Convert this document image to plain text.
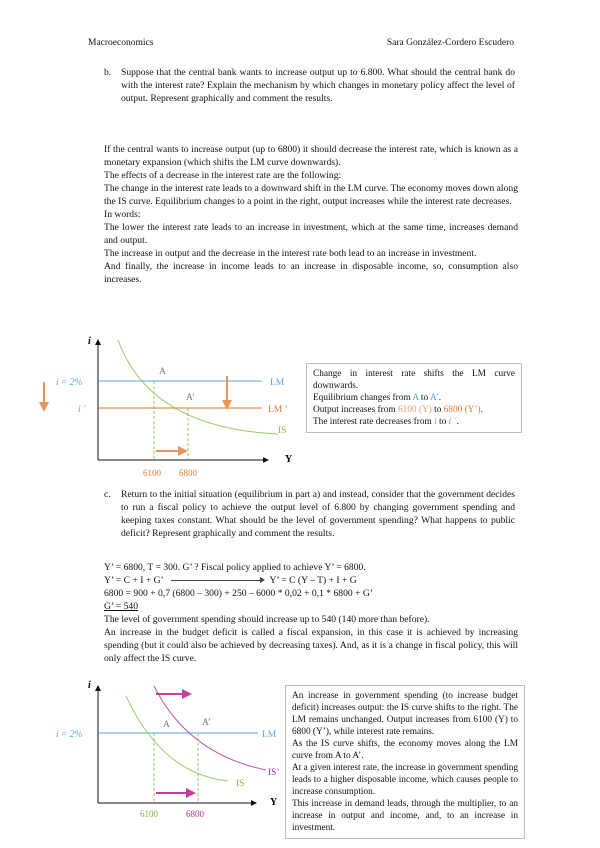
Macroeconomics	Sara González-Cordero Escudero
b. Suppose that the central bank wants to increase output up to 6.800. What should the central bank do with the interest rate? Explain the mechanism by which changes in monetary policy affect the level of output. Represent graphically and comment the results.
If the central wants to increase output (up to 6800) it should decrease the interest rate, which is known as a monetary expansion (which shifts the LM curve downwards).
The effects of a decrease in the interest rate are the following:
The change in the interest rate leads to a downward shift in the LM curve. The economy moves down along the IS curve. Equilibrium changes to a point in the right, output increases while the interest rate decreases.
In words:
The lower the interest rate leads to an increase in investment, which at the same time, increases demand and output.
The increase in output and the decrease in the interest rate both lead to an increase in investment.
And finally, the increase in income leads to an increase in disposable income, so, consumption also increases.
i
Y
i = 2%
i ´
LM
LM ’
IS
A
A’
6100 6800
Change in interest rate shifts the LM curve downwards.
Equilibrium changes from A to A’.
Output increases from 6100 (Y) to 6800 (Y’).
The interest rate decreases from i to i ´.
c. Return to the initial situation (equilibrium in part a) and instead, consider that the government decides to run a fiscal policy to achieve the output level of 6.800 by changing government spending and keeping taxes constant. What should be the level of government spending? What happens to public deficit? Represent graphically and comment the results.
Y’ = 6800, T = 300. G’ ? Fiscal policy applied to achieve Y’ = 6800.
Y’ = C + I + G’	Y’ = C (Y – T) + I + G
6800 = 900 + 0,7 (6800 – 300) + 250 – 6000 * 0,02 + 0,1 * 6800 + G’
G’ = 540
The level of government spending should increase up to 540 (140 more than before).
An increase in the budget deficit is called a fiscal expansion, in this case it is achieved by increasing spending (but it could also be achieved by decreasing taxes). And, as it is a change in fiscal policy, this will only affect the IS curve.
i
Y
i = 2%	LM
IS
IS’
A	A’
6100	6800
An increase in government spending (to increase budget deficit) increases output: the IS curve shifts to the right. The LM remains unchanged. Output increases from 6100 (Y) to 6800 (Y’), while interest rate remains.
As the IS curve shifts, the economy moves along the LM curve from A to A’.
At a given interest rate, the increase in government spending leads to a higher disposable income, which causes people to increase consumption.
This increase in demand leads, through the multiplier, to an increase in output and income, and, to an increase in investment.
